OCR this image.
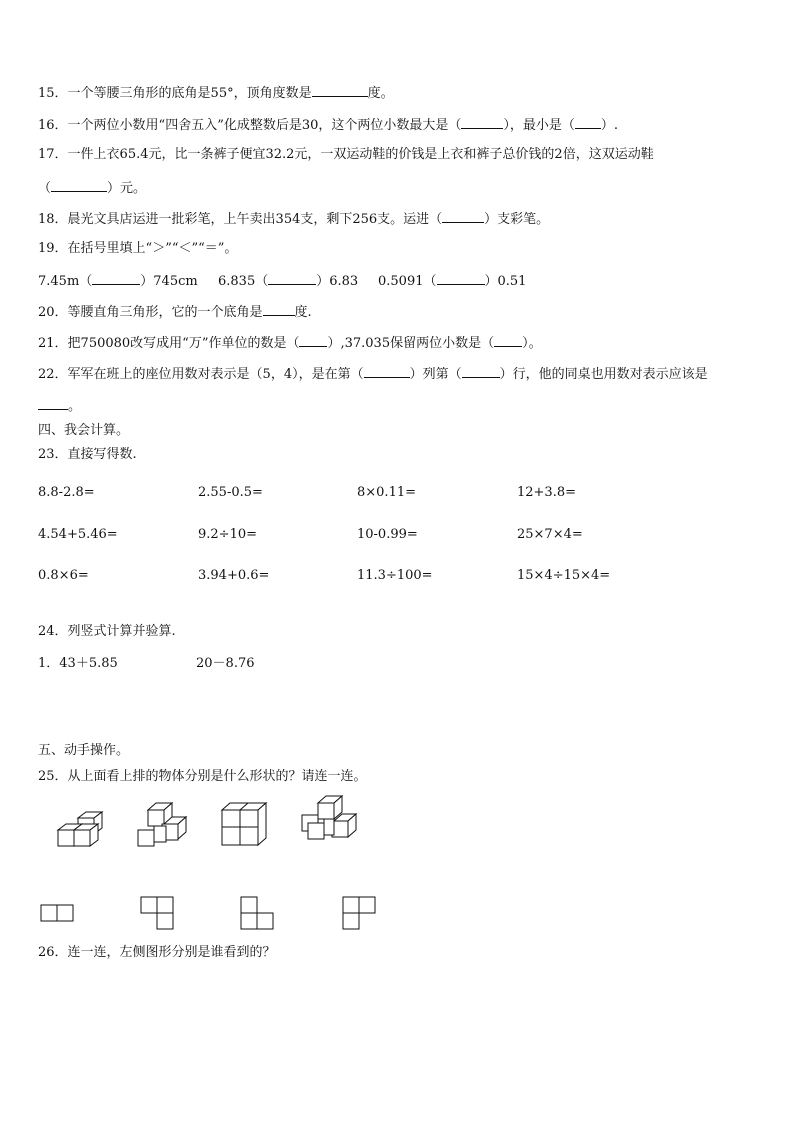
15．一个等腰三角形的底角是55°，顶角度数是	度。
16．一个两位小数用“四舍五入”化成整数后是30，这个两位小数最大是（	），最小是（ ）.
17．一件上衣65.4元，比一条裤子便宜32.2元，一双运动鞋的价钱是上衣和裤子总价钱的2倍，这双运动鞋
（	）元。
18．晨光文具店运进一批彩笔，上午卖出354支，剩下256支。运进（	）支彩笔。
19．在括号里填上“＞”“＜”“＝”。
7.45m（	）745cm 6.835（	）6.83 0.5091（	）0.51
20．等腰直角三角形，它的一个底角是 度.
21．把750080改写成用“万”作单位的数是（ ）,37.035保留两位小数是（ ）。
22．军军在班上的座位用数对表示是（5，4），是在第（	）列第（	）行，他的同桌也用数对表示应该是
。
四、我会计算。
23．直接写得数.
8.8-2.8=	2.55-0.5=	8×0.11=	12+3.8=
4.54+5.46=	9.2÷10=	10-0.99=	25×7×4=
0.8×6=	3.94+0.6=	11.3÷100=	15×4÷15×4=
24．列竖式计算并验算.
1．43＋5.85	20－8.76
五、动手操作。
25．从上面看上排的物体分别是什么形状的？请连一连。
26．连一连，左侧图形分别是谁看到的？
